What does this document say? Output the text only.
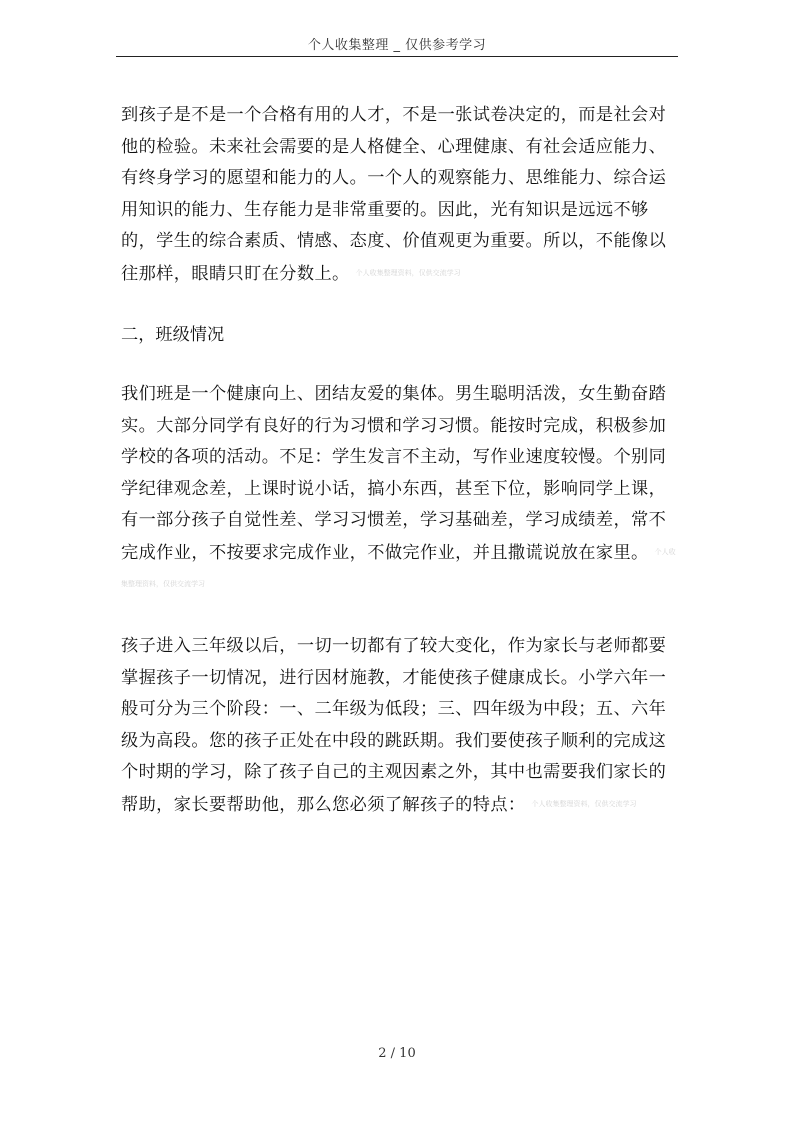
个人收集整理 _ 仅供参考学习

到孩子是不是一个合格有用的人才，不是一张试卷决定的，而是社会对他的检验。未来社会需要的是人格健全、心理健康、有社会适应能力、有终身学习的愿望和能力的人。一个人的观察能力、思维能力、综合运用知识的能力、生存能力是非常重要的。因此，光有知识是远远不够的，学生的综合素质、情感、态度、价值观更为重要。所以，不能像以往那样，眼睛只盯在分数上。 个人收集整理资料，仅供交流学习

二，班级情况

我们班是一个健康向上、团结友爱的集体。男生聪明活泼，女生勤奋踏实。大部分同学有良好的行为习惯和学习习惯。能按时完成，积极参加学校的各项的活动。不足：学生发言不主动，写作业速度较慢。个别同学纪律观念差，上课时说小话，搞小东西，甚至下位，影响同学上课，有一部分孩子自觉性差、学习习惯差，学习基础差，学习成绩差，常不完成作业，不按要求完成作业，不做完作业，并且撒谎说放在家里。 个人收集整理资料，仅供交流学习

孩子进入三年级以后，一切一切都有了较大变化，作为家长与老师都要掌握孩子一切情况，进行因材施教，才能使孩子健康成长。小学六年一般可分为三个阶段：一、二年级为低段；三、四年级为中段；五、六年级为高段。您的孩子正处在中段的跳跃期。我们要使孩子顺利的完成这个时期的学习，除了孩子自己的主观因素之外，其中也需要我们家长的帮助，家长要帮助他，那么您必须了解孩子的特点： 个人收集整理资料，仅供交流学习

2 / 10
